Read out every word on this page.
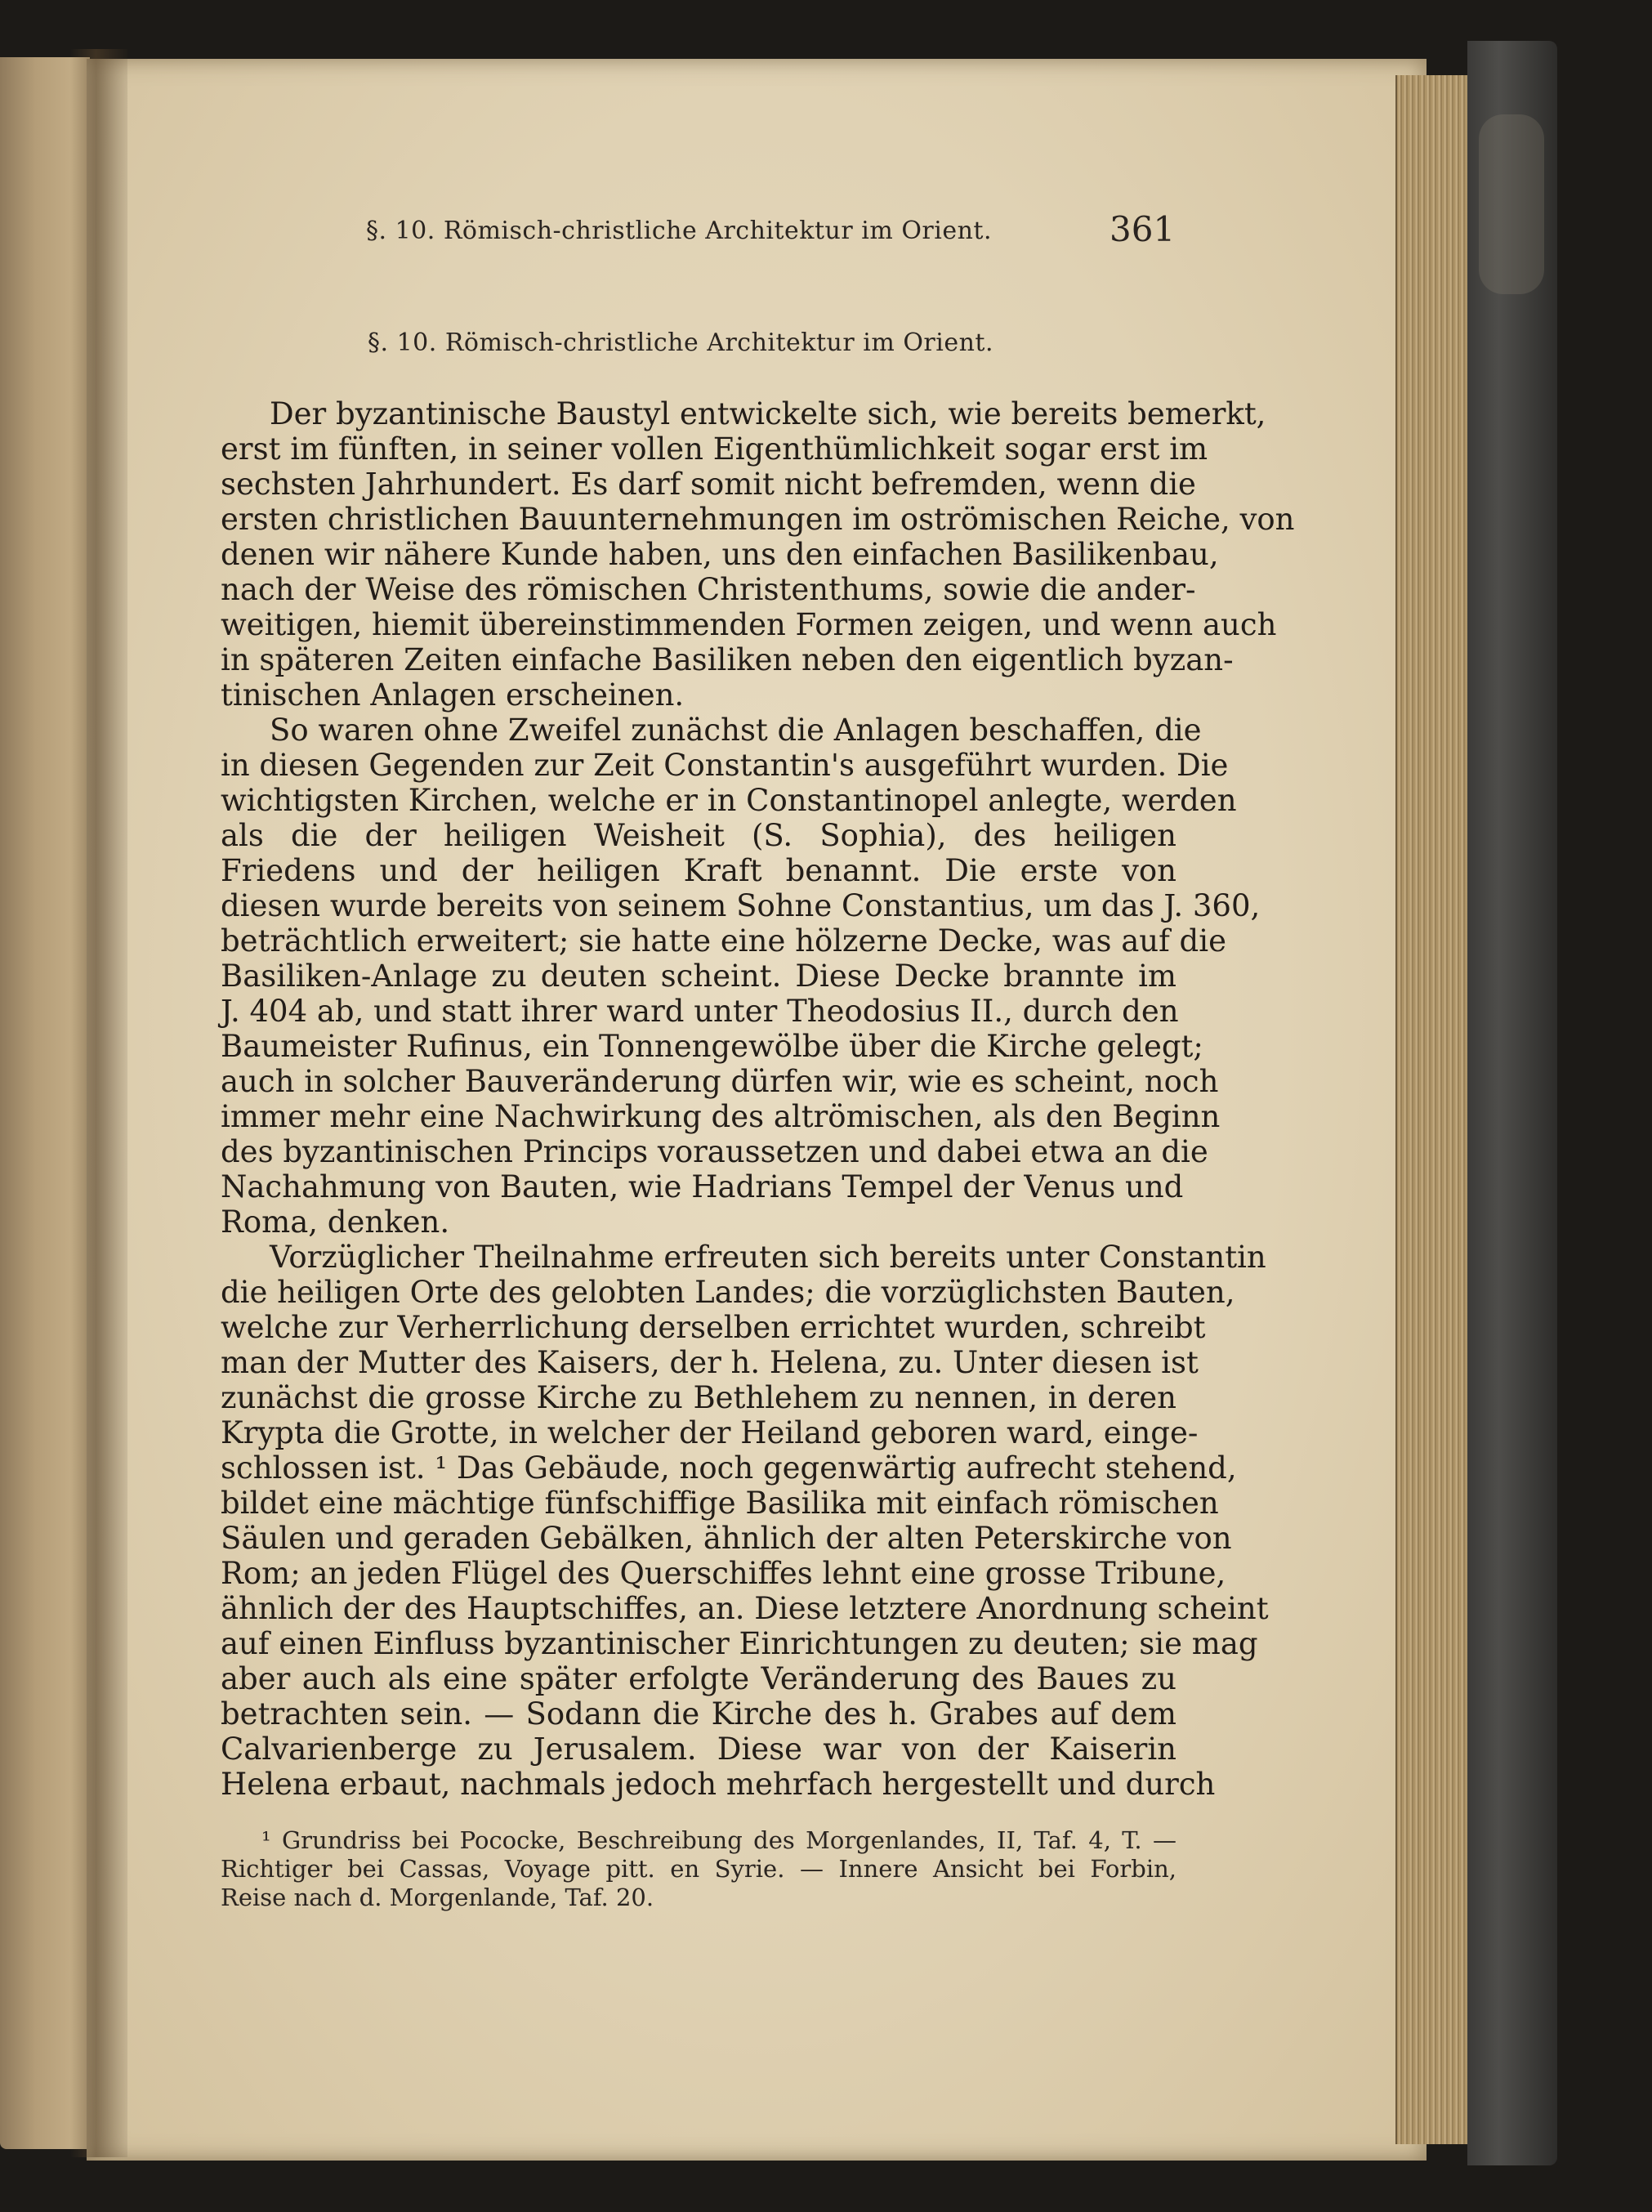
§. 10. Römisch-christliche Architektur im Orient.	361
§. 10. Römisch-christliche Architektur im Orient.
Der byzantinische Baustyl entwickelte sich, wie bereits bemerkt,
erst im fünften, in seiner vollen Eigenthümlichkeit sogar erst im
sechsten Jahrhundert. Es darf somit nicht befremden, wenn die
ersten christlichen Bauunternehmungen im oströmischen Reiche, von
denen wir nähere Kunde haben, uns den einfachen Basilikenbau,
nach der Weise des römischen Christenthums, sowie die ander-
weitigen, hiemit übereinstimmenden Formen zeigen, und wenn auch
in späteren Zeiten einfache Basiliken neben den eigentlich byzan-
tinischen Anlagen erscheinen.
So waren ohne Zweifel zunächst die Anlagen beschaffen, die
in diesen Gegenden zur Zeit Constantin's ausgeführt wurden. Die
wichtigsten Kirchen, welche er in Constantinopel anlegte, werden
als die der heiligen Weisheit (S. Sophia), des heiligen
Friedens und der heiligen Kraft benannt. Die erste von
diesen wurde bereits von seinem Sohne Constantius, um das J. 360,
beträchtlich erweitert; sie hatte eine hölzerne Decke, was auf die
Basiliken-Anlage zu deuten scheint. Diese Decke brannte im
J. 404 ab, und statt ihrer ward unter Theodosius II., durch den
Baumeister Rufinus, ein Tonnengewölbe über die Kirche gelegt;
auch in solcher Bauveränderung dürfen wir, wie es scheint, noch
immer mehr eine Nachwirkung des altrömischen, als den Beginn
des byzantinischen Princips voraussetzen und dabei etwa an die
Nachahmung von Bauten, wie Hadrians Tempel der Venus und
Roma, denken.
Vorzüglicher Theilnahme erfreuten sich bereits unter Constantin
die heiligen Orte des gelobten Landes; die vorzüglichsten Bauten,
welche zur Verherrlichung derselben errichtet wurden, schreibt
man der Mutter des Kaisers, der h. Helena, zu. Unter diesen ist
zunächst die grosse Kirche zu Bethlehem zu nennen, in deren
Krypta die Grotte, in welcher der Heiland geboren ward, einge-
schlossen ist. ¹ Das Gebäude, noch gegenwärtig aufrecht stehend,
bildet eine mächtige fünfschiffige Basilika mit einfach römischen
Säulen und geraden Gebälken, ähnlich der alten Peterskirche von
Rom; an jeden Flügel des Querschiffes lehnt eine grosse Tribune,
ähnlich der des Hauptschiffes, an. Diese letztere Anordnung scheint
auf einen Einfluss byzantinischer Einrichtungen zu deuten; sie mag
aber auch als eine später erfolgte Veränderung des Baues zu
betrachten sein. — Sodann die Kirche des h. Grabes auf dem
Calvarienberge zu Jerusalem. Diese war von der Kaiserin
Helena erbaut, nachmals jedoch mehrfach hergestellt und durch
¹ Grundriss bei Pococke, Beschreibung des Morgenlandes, II, Taf. 4, T. —
Richtiger bei Cassas, Voyage pitt. en Syrie. — Innere Ansicht bei Forbin,
Reise nach d. Morgenlande, Taf. 20.
